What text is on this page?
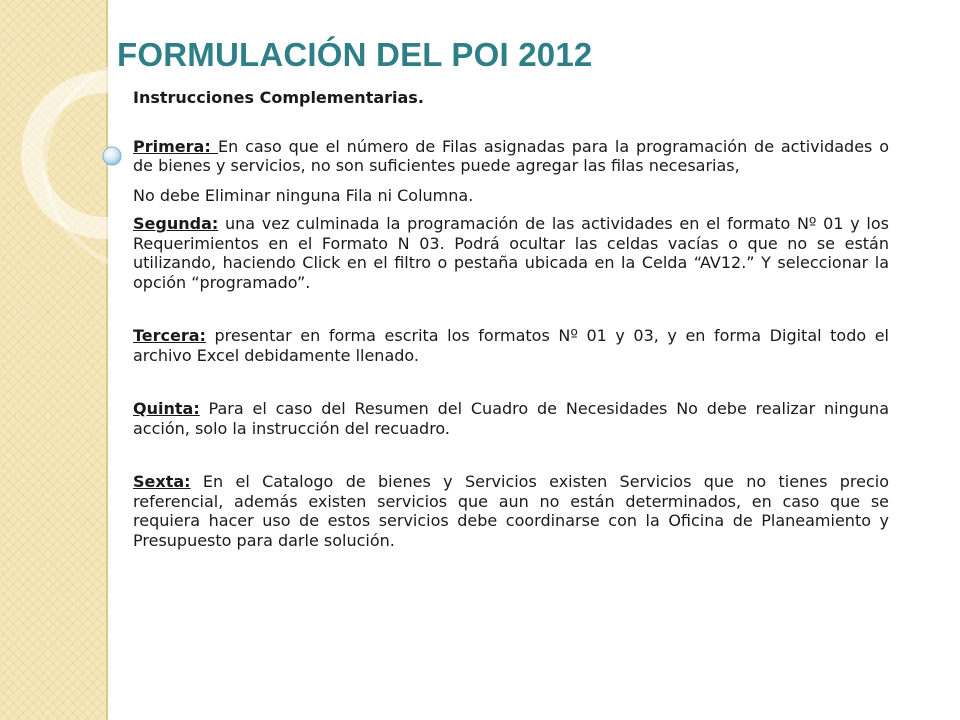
FORMULACIÓN DEL POI 2012

Instrucciones Complementarias.

Primera: En caso que el número de Filas asignadas para la programación de actividades o de bienes y servicios, no son suficientes puede agregar las filas necesarias,

No debe Eliminar ninguna Fila ni Columna.

Segunda: una vez culminada la programación de las actividades en el formato Nº 01 y los Requerimientos en el Formato N 03. Podrá ocultar las celdas vacías o que no se están utilizando, haciendo Click en el filtro o pestaña ubicada en la Celda “AV12.” Y seleccionar la opción “programado”.

Tercera: presentar en forma escrita los formatos Nº 01 y 03, y en forma Digital todo el archivo Excel debidamente llenado.

Quinta: Para el caso del Resumen del Cuadro de Necesidades No debe realizar ninguna acción, solo la instrucción del recuadro.

Sexta: En el Catalogo de bienes y Servicios existen Servicios que no tienes precio referencial, además existen servicios que aun no están determinados, en caso que se requiera hacer uso de estos servicios debe coordinarse con la Oficina de Planeamiento y Presupuesto para darle solución.
